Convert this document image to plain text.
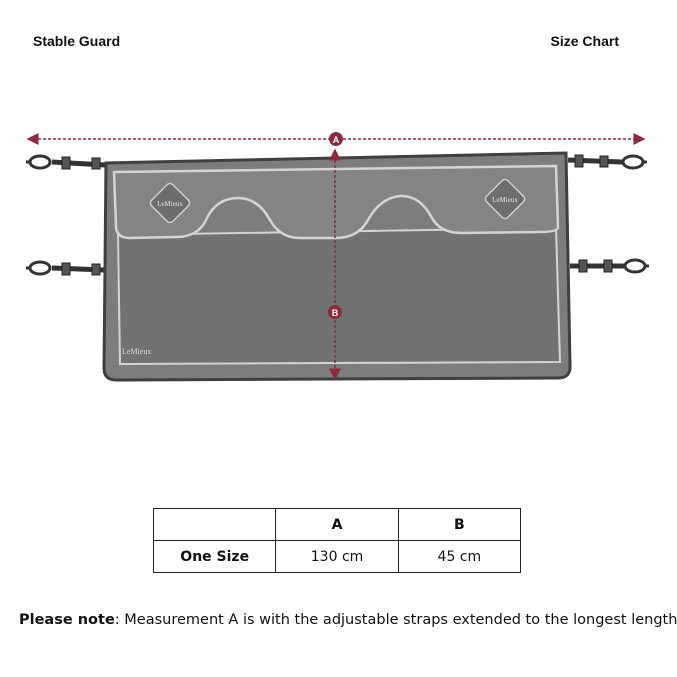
Stable Guard	Size Chart
LeMieux	LeMieux
LeMieux
A
B
	A	B
One Size	130 cm	45 cm
Please note: Measurement A is with the adjustable straps extended to the longest length
